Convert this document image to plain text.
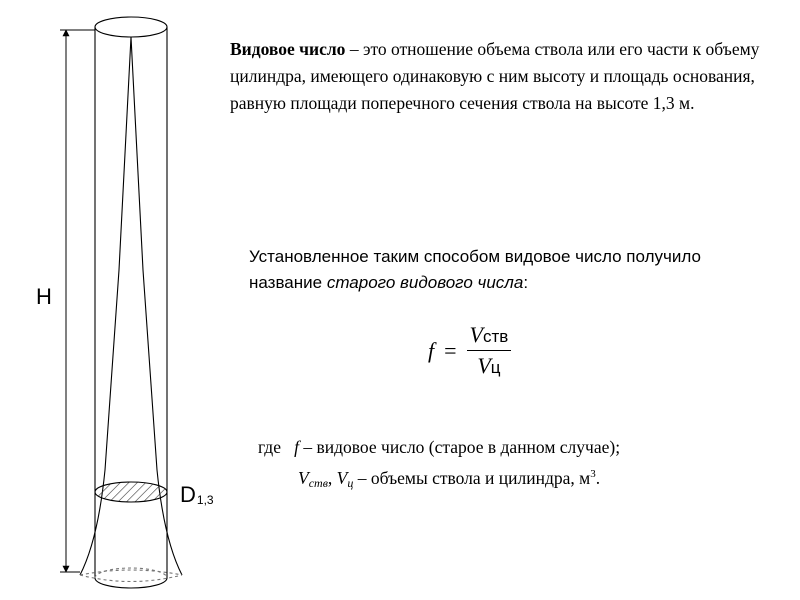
H
D1,3
Видовое число – это отношение объема ствола или его части к объему цилиндра, имеющего одинаковую с ним высоту и площадь основания, равную площади поперечного сечения ствола на высоте 1,3 м.
Установленное таким способом видовое число получило название старого видового числа:
$f = \frac{\text{Vств}}{Vц}$
где f – видовое число (старое в данном случае);
Vств, Vц – объемы ствола и цилиндра, $м^3$.
